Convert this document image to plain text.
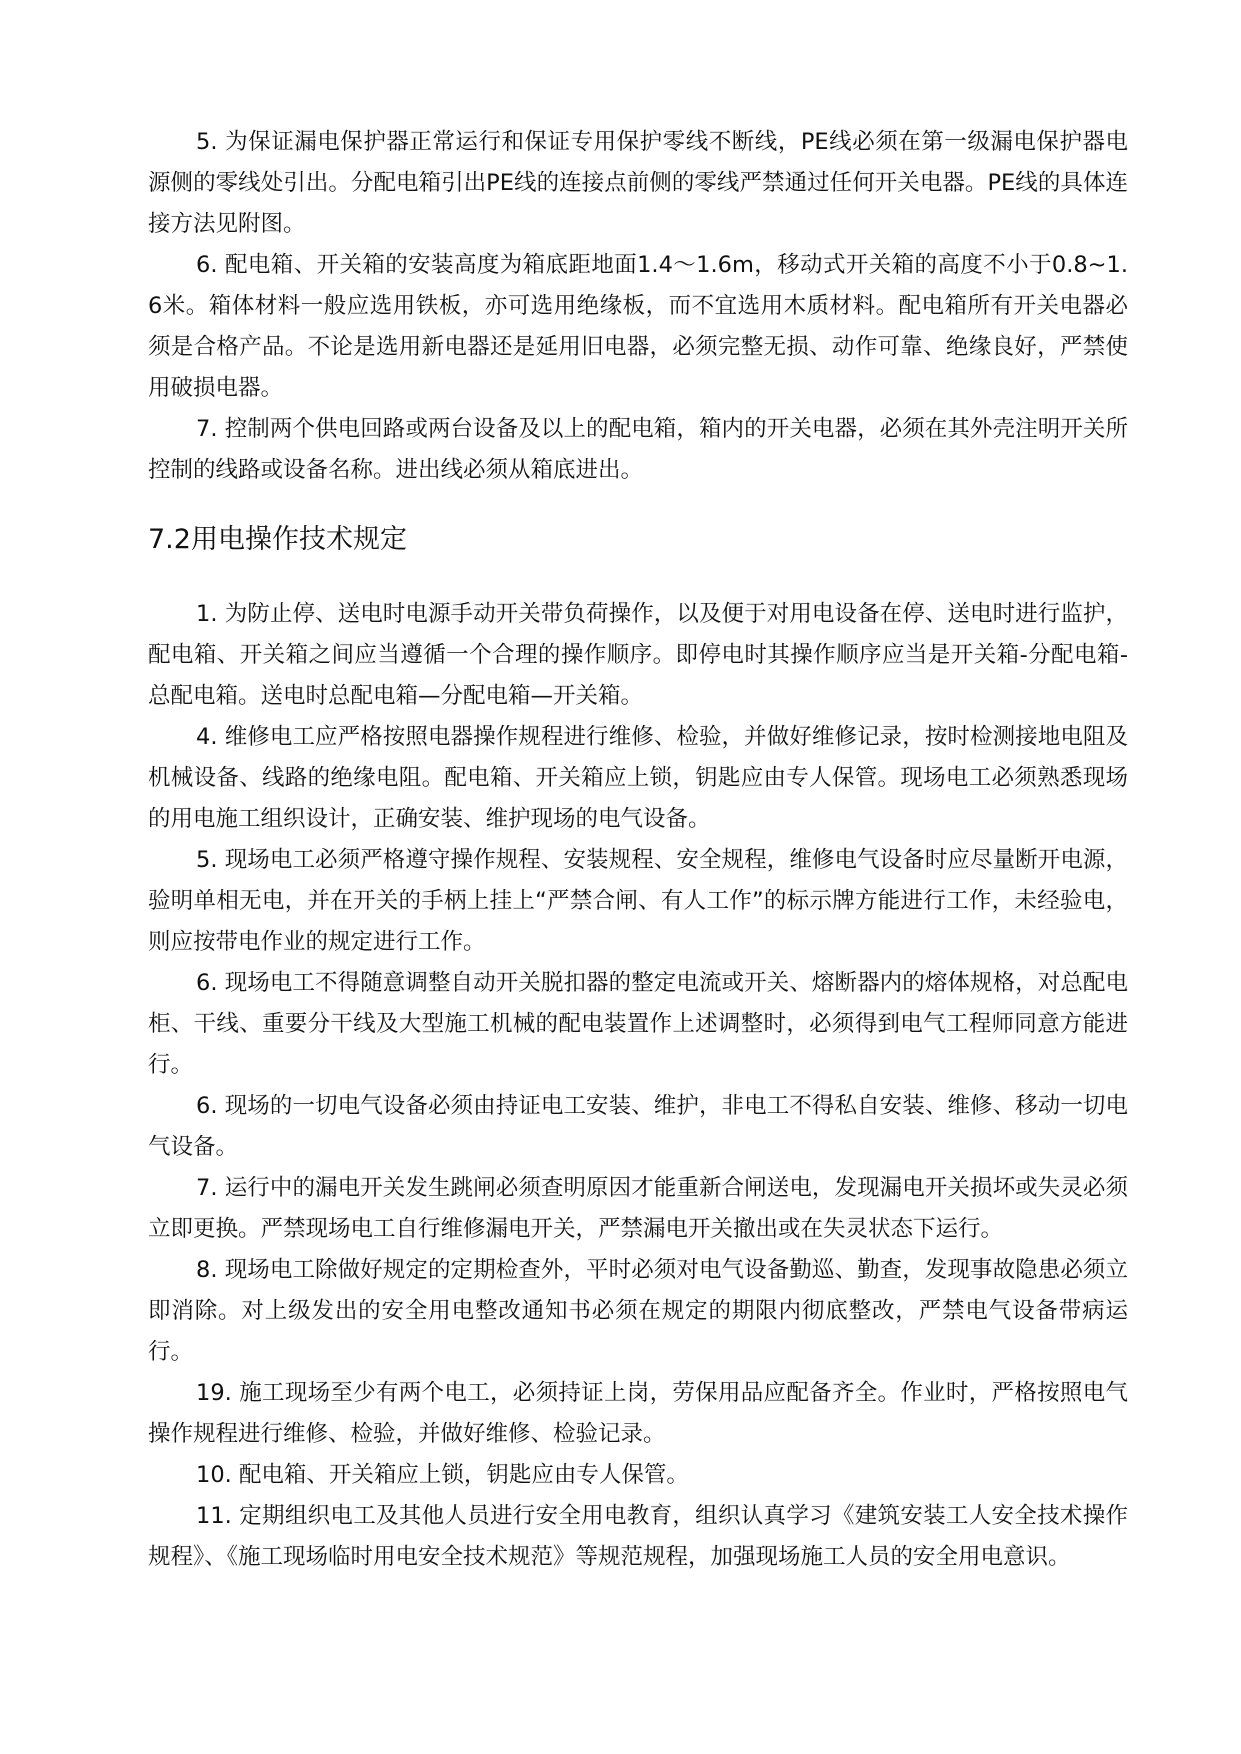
5. 为保证漏电保护器正常运行和保证专用保护零线不断线，PE线必须在第一级漏电保护器电源侧的零线处引出。分配电箱引出PE线的连接点前侧的零线严禁通过任何开关电器。PE线的具体连接方法见附图。

6. 配电箱、开关箱的安装高度为箱底距地面1.4～1.6m，移动式开关箱的高度不小于0.8~1.6米。箱体材料一般应选用铁板，亦可选用绝缘板，而不宜选用木质材料。配电箱所有开关电器必须是合格产品。不论是选用新电器还是延用旧电器，必须完整无损、动作可靠、绝缘良好，严禁使用破损电器。

7. 控制两个供电回路或两台设备及以上的配电箱，箱内的开关电器，必须在其外壳注明开关所控制的线路或设备名称。进出线必须从箱底进出。

7.2用电操作技术规定

1. 为防止停、送电时电源手动开关带负荷操作，以及便于对用电设备在停、送电时进行监护，配电箱、开关箱之间应当遵循一个合理的操作顺序。即停电时其操作顺序应当是开关箱-分配电箱-总配电箱。送电时总配电箱—分配电箱—开关箱。

4. 维修电工应严格按照电器操作规程进行维修、检验，并做好维修记录，按时检测接地电阻及机械设备、线路的绝缘电阻。配电箱、开关箱应上锁，钥匙应由专人保管。现场电工必须熟悉现场的用电施工组织设计，正确安装、维护现场的电气设备。

5. 现场电工必须严格遵守操作规程、安装规程、安全规程，维修电气设备时应尽量断开电源，验明单相无电，并在开关的手柄上挂上“严禁合闸、有人工作”的标示牌方能进行工作，未经验电，则应按带电作业的规定进行工作。

6. 现场电工不得随意调整自动开关脱扣器的整定电流或开关、熔断器内的熔体规格，对总配电柜、干线、重要分干线及大型施工机械的配电装置作上述调整时，必须得到电气工程师同意方能进行。

6. 现场的一切电气设备必须由持证电工安装、维护，非电工不得私自安装、维修、移动一切电气设备。

7. 运行中的漏电开关发生跳闸必须查明原因才能重新合闸送电，发现漏电开关损坏或失灵必须立即更换。严禁现场电工自行维修漏电开关，严禁漏电开关撤出或在失灵状态下运行。

8. 现场电工除做好规定的定期检查外，平时必须对电气设备勤巡、勤查，发现事故隐患必须立即消除。对上级发出的安全用电整改通知书必须在规定的期限内彻底整改，严禁电气设备带病运行。

19. 施工现场至少有两个电工，必须持证上岗，劳保用品应配备齐全。作业时，严格按照电气操作规程进行维修、检验，并做好维修、检验记录。

10. 配电箱、开关箱应上锁，钥匙应由专人保管。

11. 定期组织电工及其他人员进行安全用电教育，组织认真学习《建筑安装工人安全技术操作规程》、《施工现场临时用电安全技术规范》等规范规程，加强现场施工人员的安全用电意识。
